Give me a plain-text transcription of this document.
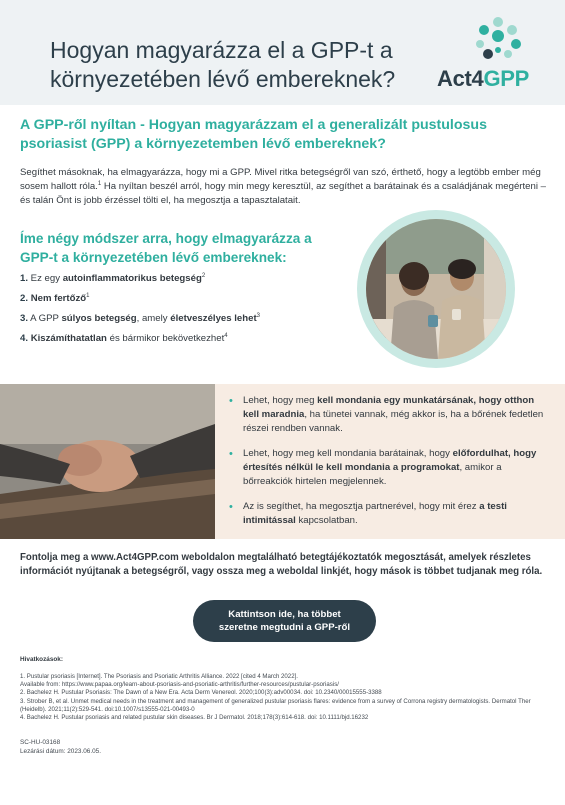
Hogyan magyarázza el a GPP-t a környezetében lévő embereknek?	Act4GPP
A GPP-ről nyíltan - Hogyan magyarázzam el a generalizált pustulosus psoriasist (GPP) a környezetemben lévő embereknek?

Segíthet másoknak, ha elmagyarázza, hogy mi a GPP. Mivel ritka betegségről van szó, érthető, hogy a legtöbb ember még sosem hallott róla.$^1$ Ha nyíltan beszél arról, hogy min megy keresztül, az segíthet a barátainak és a családjának megérteni – és talán Önt is jobb érzéssel tölti el, ha megosztja a tapasztalatait.

Íme négy módszer arra, hogy elmagyarázza a GPP-t a környezetében lévő embereknek:
1. Ez egy autoinflammatorikus betegség$^2$
2. Nem fertőző$^1$
3. A GPP súlyos betegség, amely életveszélyes lehet$^3$
4. Kiszámíthatatlan és bármikor bekövetkezhet$^4$
• Lehet, hogy meg kell mondania egy munkatársának, hogy otthon kell maradnia, ha tünetei vannak, még akkor is, ha a bőrének fedetlen részei rendben vannak.
• Lehet, hogy meg kell mondania barátainak, hogy előfordulhat, hogy értesítés nélkül le kell mondania a programokat, amikor a bőrreakciók hirtelen megjelennek.
• Az is segíthet, ha megosztja partnerével, hogy mit érez a testi intimitással kapcsolatban.

Fontolja meg a www.Act4GPP.com weboldalon megtalálható betegtájékoztatók megosztását, amelyek részletes információt nyújtanak a betegségről, vagy ossza meg a weboldal linkjét, hogy mások is többet tudjanak meg róla.

Kattintson ide, ha többet
szeretne megtudni a GPP-ről
Hivatkozások:
1. Pustular psoriasis [Internet]. The Psoriasis and Psoriatic Arthritis Alliance. 2022 [cited 4 March 2022].
Available from: https://www.papaa.org/learn-about-psoriasis-and-psoriatic-arthritis/further-resources/pustular-psoriasis/
2. Bachelez H. Pustular Psoriasis: The Dawn of a New Era. Acta Derm Venereol. 2020;100(3):adv00034. doi: 10.2340/00015555-3388
3. Strober B, et al. Unmet medical needs in the treatment and management of generalized pustular psoriasis flares: evidence from a survey of Corrona registry dermatologists. Dermatol Ther (Heidelb). 2021;11(2):529-541. doi:10.1007/s13555-021-00493-0
4. Bachelez H. Pustular psoriasis and related pustular skin diseases. Br J Dermatol. 2018;178(3):614-618. doi: 10.1111/bjd.16232
SC-HU-03168
Lezárási dátum: 2023.06.05.
